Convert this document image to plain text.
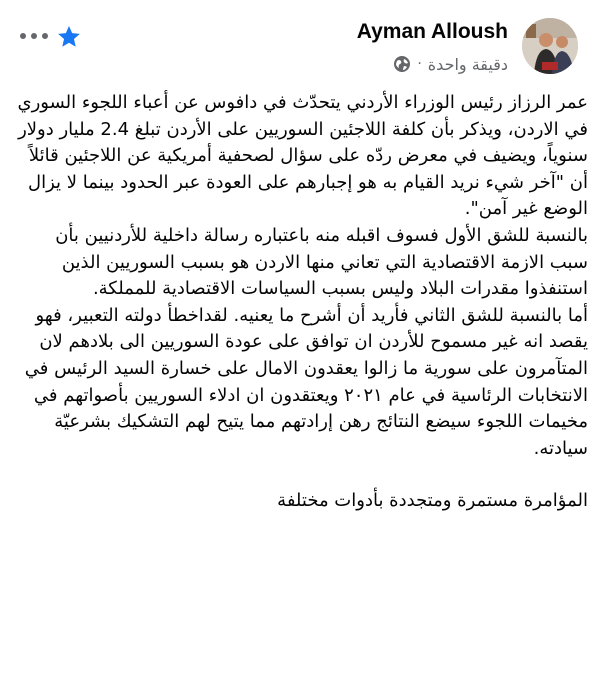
Ayman Alloush
دقيقة واحدة
·

عمر الرزاز رئيس الوزراء الأردني يتحدّث في دافوس عن أعباء اللجوء السوري في الاردن، ويذكر بأن كلفة اللاجئين السوريين على الأردن تبلغ 2.4 مليار دولار سنوياً، ويضيف في معرض ردّه على سؤال لصحفية أمريكية عن اللاجئين قائلاً أن "آخر شيء نريد القيام به هو إجبارهم على العودة عبر الحدود بينما لا يزال الوضع غير آمن".

بالنسبة للشق الأول فسوف اقبله منه باعتباره رسالة داخلية للأردنيين بأن سبب الازمة الاقتصادية التي تعاني منها الاردن هو بسبب السوريين الذين استنفذوا مقدرات البلاد وليس بسبب السياسات الاقتصادية للمملكة.

أما بالنسبة للشق الثاني فأريد أن أشرح ما يعنيه. لقداخطأ دولته التعبير، فهو يقصد انه غير مسموح للأردن ان توافق على عودة السوريين الى بلادهم لان المتآمرون على سورية ما زالوا يعقدون الامال على خسارة السيد الرئيس في الانتخابات الرئاسية في عام ٢٠٢١ ويعتقدون ان ادلاء السوريين بأصواتهم في مخيمات اللجوء سيضع النتائج رهن إرادتهم مما يتيح لهم التشكيك بشرعيّة سيادته.

المؤامرة مستمرة ومتجددة بأدوات مختلفة
